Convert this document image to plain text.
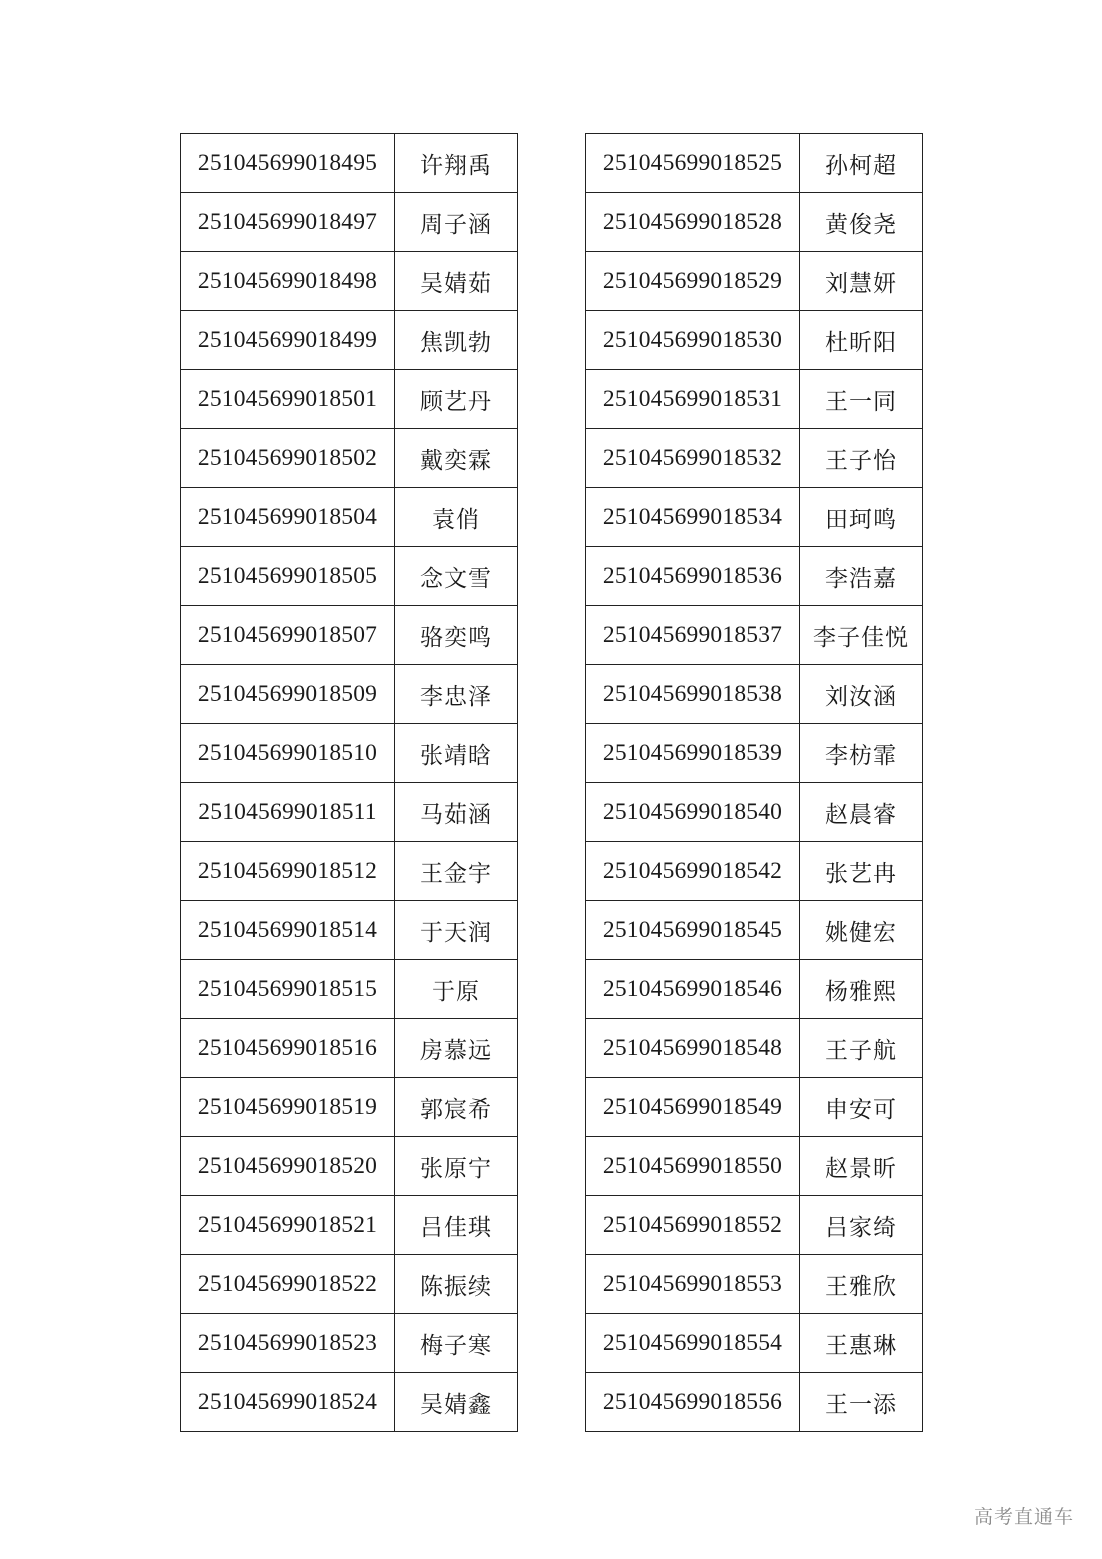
251045699018495	许翔禹
251045699018497	周子涵
251045699018498	吴婧茹
251045699018499	焦凯勃
251045699018501	顾艺丹
251045699018502	戴奕霖
251045699018504	袁俏
251045699018505	念文雪
251045699018507	骆奕鸣
251045699018509	李忠泽
251045699018510	张靖晗
251045699018511	马茹涵
251045699018512	王金宇
251045699018514	于天润
251045699018515	于原
251045699018516	房慕远
251045699018519	郭宸希
251045699018520	张原宁
251045699018521	吕佳琪
251045699018522	陈振续
251045699018523	梅子寒
251045699018524	吴婧鑫
251045699018525	孙柯超
251045699018528	黄俊尧
251045699018529	刘慧妍
251045699018530	杜昕阳
251045699018531	王一同
251045699018532	王子怡
251045699018534	田珂鸣
251045699018536	李浩嘉
251045699018537	李子佳悦
251045699018538	刘汝涵
251045699018539	李枋霏
251045699018540	赵晨睿
251045699018542	张艺冉
251045699018545	姚健宏
251045699018546	杨雅熙
251045699018548	王子航
251045699018549	申安可
251045699018550	赵景昕
251045699018552	吕家绮
251045699018553	王雅欣
251045699018554	王惠琳
251045699018556	王一添
高考直通车
